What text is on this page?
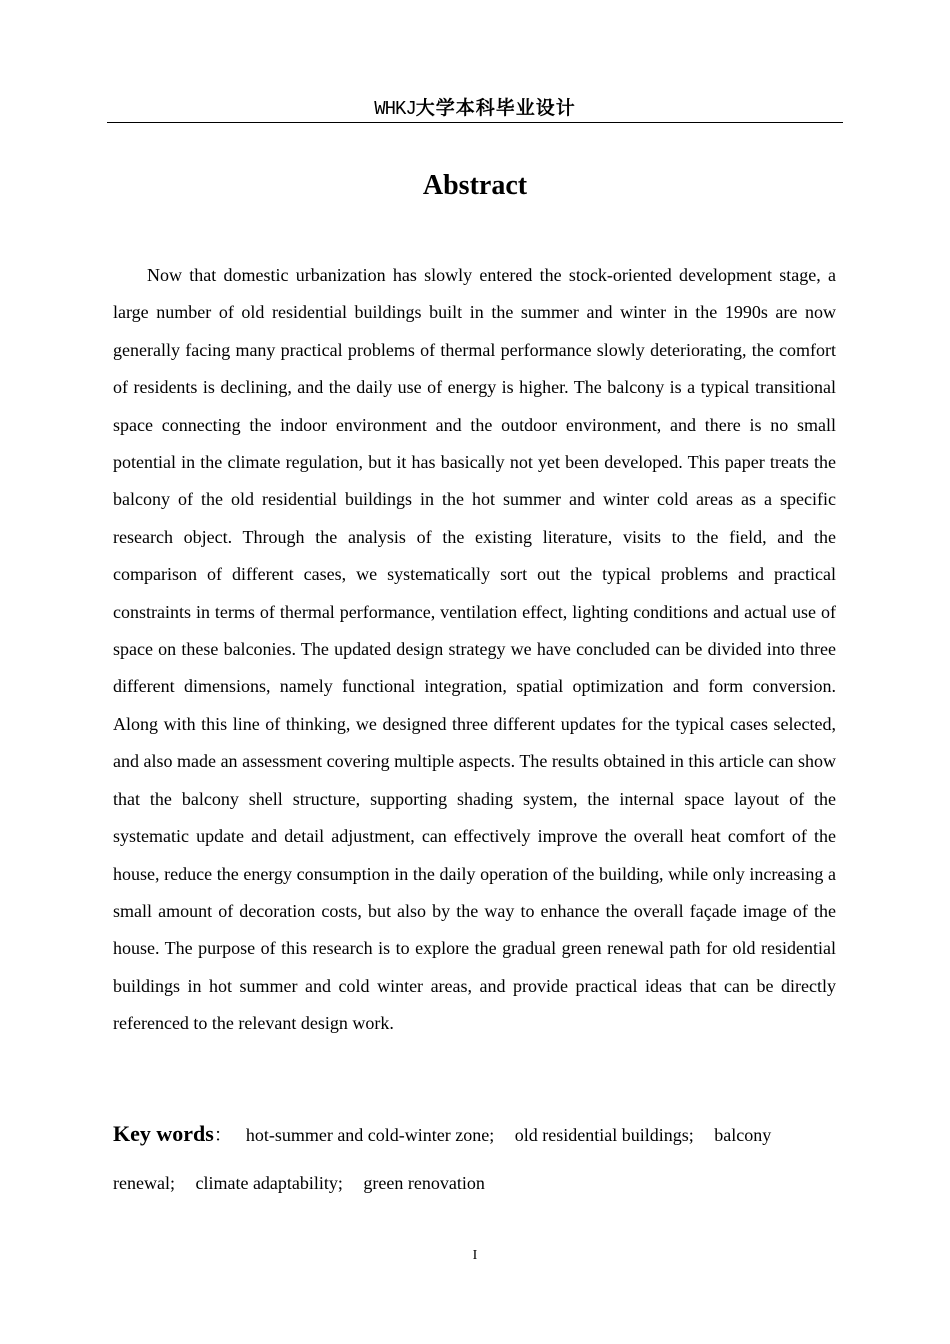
WHKJ大学本科毕业设计
Abstract

Now that domestic urbanization has slowly entered the stock-oriented development stage, a large number of old residential buildings built in the summer and winter in the 1990s are now generally facing many practical problems of thermal performance slowly deteriorating, the comfort of residents is declining, and the daily use of energy is higher. The balcony is a typical transitional space connecting the indoor environment and the outdoor environment, and there is no small potential in the climate regulation, but it has basically not yet been developed. This paper treats the balcony of the old residential buildings in the hot summer and winter cold areas as a specific research object. Through the analysis of the existing literature, visits to the field, and the comparison of different cases, we systematically sort out the typical problems and practical constraints in terms of thermal performance, ventilation effect, lighting conditions and actual use of space on these balconies. The updated design strategy we have concluded can be divided into three different dimensions, namely functional integration, spatial optimization and form conversion. Along with this line of thinking, we designed three different updates for the typical cases selected, and also made an assessment covering multiple aspects. The results obtained in this article can show that the balcony shell structure, supporting shading system, the internal space layout of the systematic update and detail adjustment, can effectively improve the overall heat comfort of the house, reduce the energy consumption in the daily operation of the building, while only increasing a small amount of decoration costs, but also by the way to enhance the overall façade image of the house. The purpose of this research is to explore the gradual green renewal path for old residential buildings in hot summer and cold winter areas, and provide practical ideas that can be directly referenced to the relevant design work.

Key words： hot-summer and cold-winter zone; old residential buildings; balcony renewal; climate adaptability; green renovation

I
